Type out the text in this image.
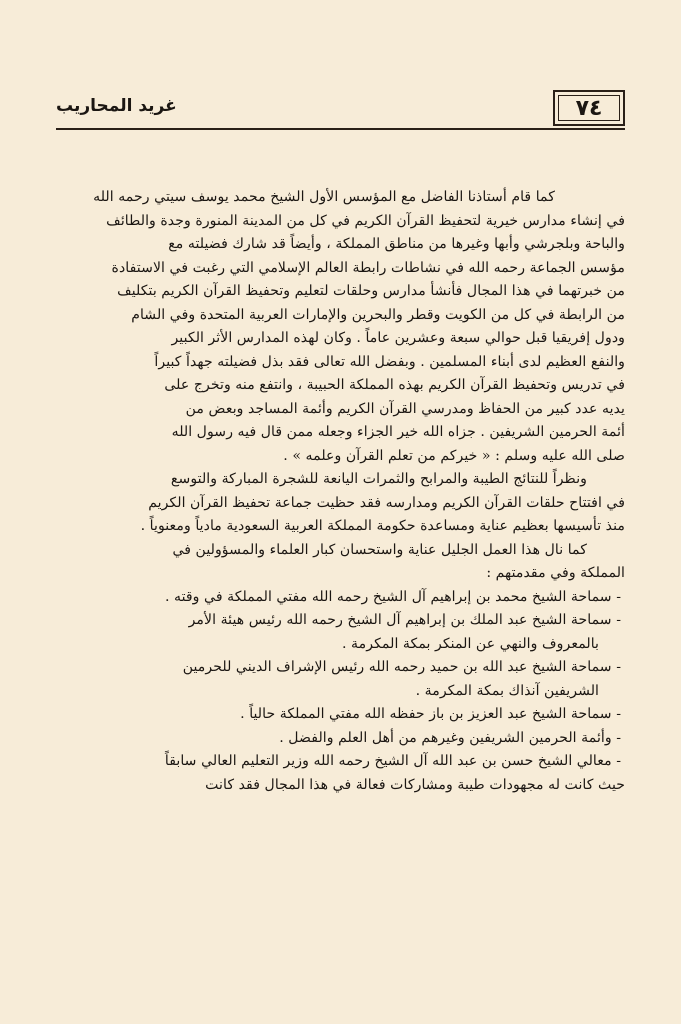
٧٤
غريد المحاريب
كما قام أستاذنا الفاضل مع المؤسس الأول الشيخ محمد يوسف سيتي رحمه الله
في إنشاء مدارس خيرية لتحفيظ القرآن الكريم في كل من المدينة المنورة وجدة والطائف
والباحة وبلجرشي وأبها وغيرها من مناطق المملكة ، وأيضاً قد شارك فضيلته مع
مؤسس الجماعة رحمه الله في نشاطات رابطة العالم الإسلامي التي رغبت في الاستفادة
من خبرتهما في هذا المجال فأنشأ مدارس وحلقات لتعليم وتحفيظ القرآن الكريم بتكليف
من الرابطة في كل من الكويت وقطر والبحرين والإمارات العربية المتحدة وفي الشام
ودول إفريقيا قبل حوالي سبعة وعشرين عاماً . وكان لهذه المدارس الأثر الكبير
والنفع العظيم لدى أبناء المسلمين . وبفضل الله تعالى فقد بذل فضيلته جهداً كبيراً
في تدريس وتحفيظ القرآن الكريم بهذه المملكة الحبيبة ، وانتفع منه وتخرج على
يديه عدد كبير من الحفاظ ومدرسي القرآن الكريم وأئمة المساجد وبعض من
أئمة الحرمين الشريفين . جزاه الله خير الجزاء وجعله ممن قال فيه رسول الله
صلى الله عليه وسلم : « خيركم من تعلم القرآن وعلمه » .
ونظراً للنتائج الطيبة والمرابح والثمرات اليانعة للشجرة المباركة والتوسع
في افتتاح حلقات القرآن الكريم ومدارسه فقد حظيت جماعة تحفيظ القرآن الكريم
منذ تأسيسها بعظيم عناية ومساعدة حكومة المملكة العربية السعودية مادياً ومعنوياً .
كما نال هذا العمل الجليل عناية واستحسان كبار العلماء والمسؤولين في
المملكة وفي مقدمتهم :
- سماحة الشيخ محمد بن إبراهيم آل الشيخ رحمه الله مفتي المملكة في وقته .
- سماحة الشيخ عبد الملك بن إبراهيم آل الشيخ رحمه الله رئيس هيئة الأمر
بالمعروف والنهي عن المنكر بمكة المكرمة .
- سماحة الشيخ عبد الله بن حميد رحمه الله رئيس الإشراف الديني للحرمين
الشريفين آنذاك بمكة المكرمة .
- سماحة الشيخ عبد العزيز بن باز حفظه الله مفتي المملكة حالياً .
- وأئمة الحرمين الشريفين وغيرهم من أهل العلم والفضل .
- معالي الشيخ حسن بن عبد الله آل الشيخ رحمه الله وزير التعليم العالي سابقاً
حيث كانت له مجهودات طيبة ومشاركات فعالة في هذا المجال فقد كانت
